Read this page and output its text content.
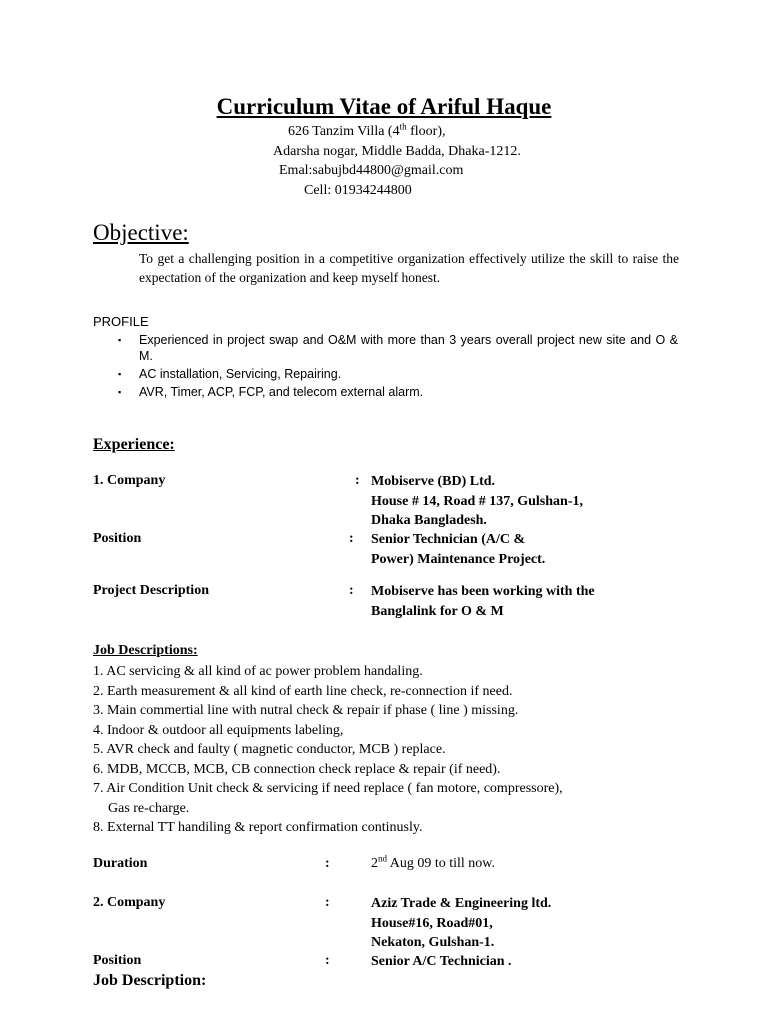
Curriculum Vitae of Ariful Haque
626 Tanzim Villa (4th floor),
Adarsha nogar, Middle Badda, Dhaka-1212.
Emal:sabujbd44800@gmail.com
Cell: 01934244800
Objective:
To get a challenging position in a competitive organization effectively utilize the skill to raise the expectation of the organization and keep myself honest.
PROFILE
▪ Experienced in project swap and O&M with more than 3 years overall project new site and O & M.
▪ AC installation, Servicing, Repairing.
▪ AVR, Timer, ACP, FCP, and telecom external alarm.
Experience:
1. Company	: Mobiserve (BD) Ltd.
House # 14, Road # 137, Gulshan-1,
Dhaka Bangladesh.
Position	: Senior Technician (A/C &
Power) Maintenance Project.
Project Description	: Mobiserve has been working with the
Banglalink for O & M
Job Descriptions:
1. AC servicing & all kind of ac power problem handaling.
2. Earth measurement & all kind of earth line check, re-connection if need.
3. Main commertial line with nutral check & repair if phase ( line ) missing.
4. Indoor & outdoor all equipments labeling,
5. AVR check and faulty ( magnetic conductor, MCB ) replace.
6. MDB, MCCB, MCB, CB connection check replace & repair (if need).
7. Air Condition Unit check & servicing if need replace ( fan motore, compressore),
Gas re-charge.
8. External TT handiling & report confirmation continusly.
Duration	:	2nd Aug 09 to till now.
2. Company	:	Aziz Trade & Engineering ltd.
House#16, Road#01,
Nekaton, Gulshan-1.
Position	:	Senior A/C Technician .
Job Description:
